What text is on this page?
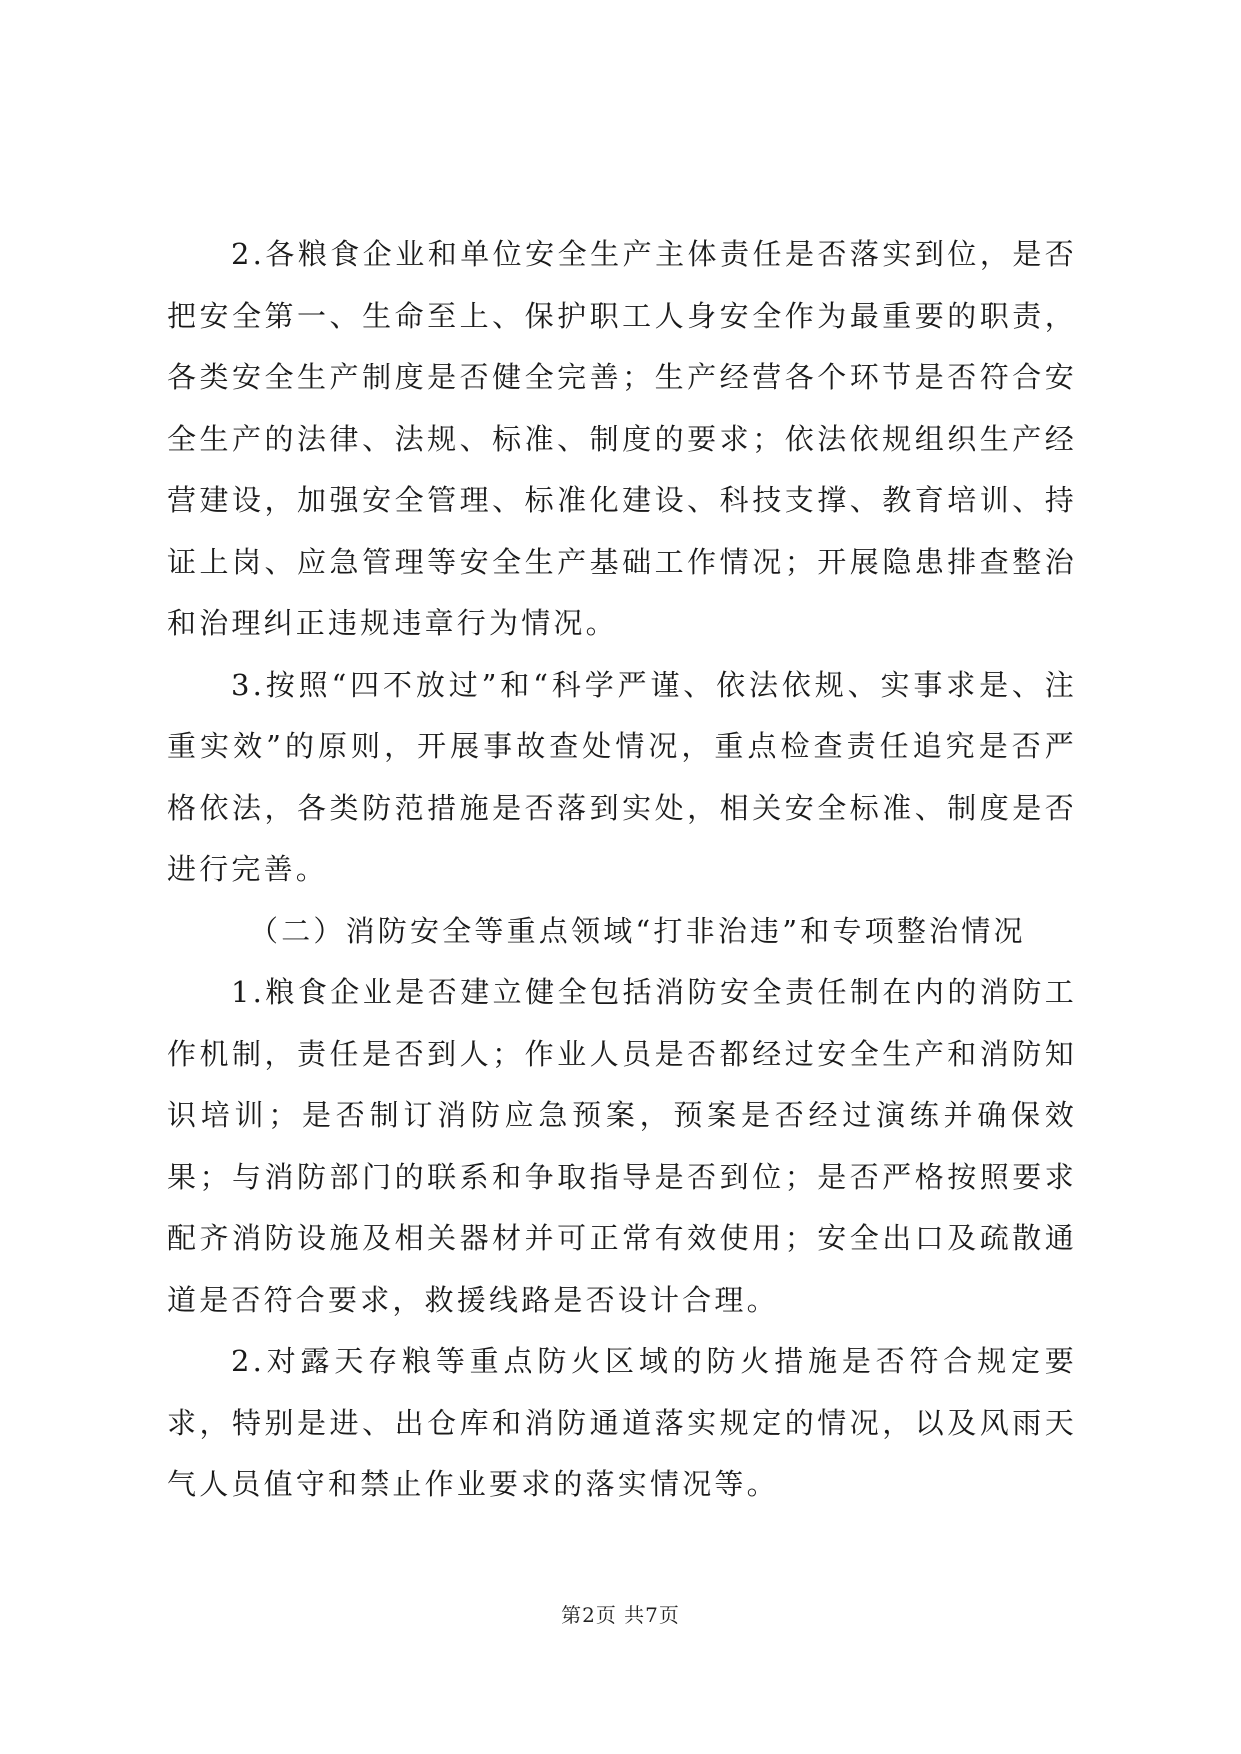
2.各粮食企业和单位安全生产主体责任是否落实到位，是否把安全第一、生命至上、保护职工人身安全作为最重要的职责，各类安全生产制度是否健全完善；生产经营各个环节是否符合安全生产的法律、法规、标准、制度的要求；依法依规组织生产经营建设，加强安全管理、标准化建设、科技支撑、教育培训、持证上岗、应急管理等安全生产基础工作情况；开展隐患排查整治和治理纠正违规违章行为情况。

3.按照“四不放过”和“科学严谨、依法依规、实事求是、注重实效”的原则，开展事故查处情况，重点检查责任追究是否严格依法，各类防范措施是否落到实处，相关安全标准、制度是否进行完善。

（二）消防安全等重点领域“打非治违”和专项整治情况

1.粮食企业是否建立健全包括消防安全责任制在内的消防工作机制，责任是否到人；作业人员是否都经过安全生产和消防知识培训；是否制订消防应急预案，预案是否经过演练并确保效果；与消防部门的联系和争取指导是否到位；是否严格按照要求配齐消防设施及相关器材并可正常有效使用；安全出口及疏散通道是否符合要求，救援线路是否设计合理。

2.对露天存粮等重点防火区域的防火措施是否符合规定要求，特别是进、出仓库和消防通道落实规定的情况，以及风雨天气人员值守和禁止作业要求的落实情况等。

第2页 共7页
